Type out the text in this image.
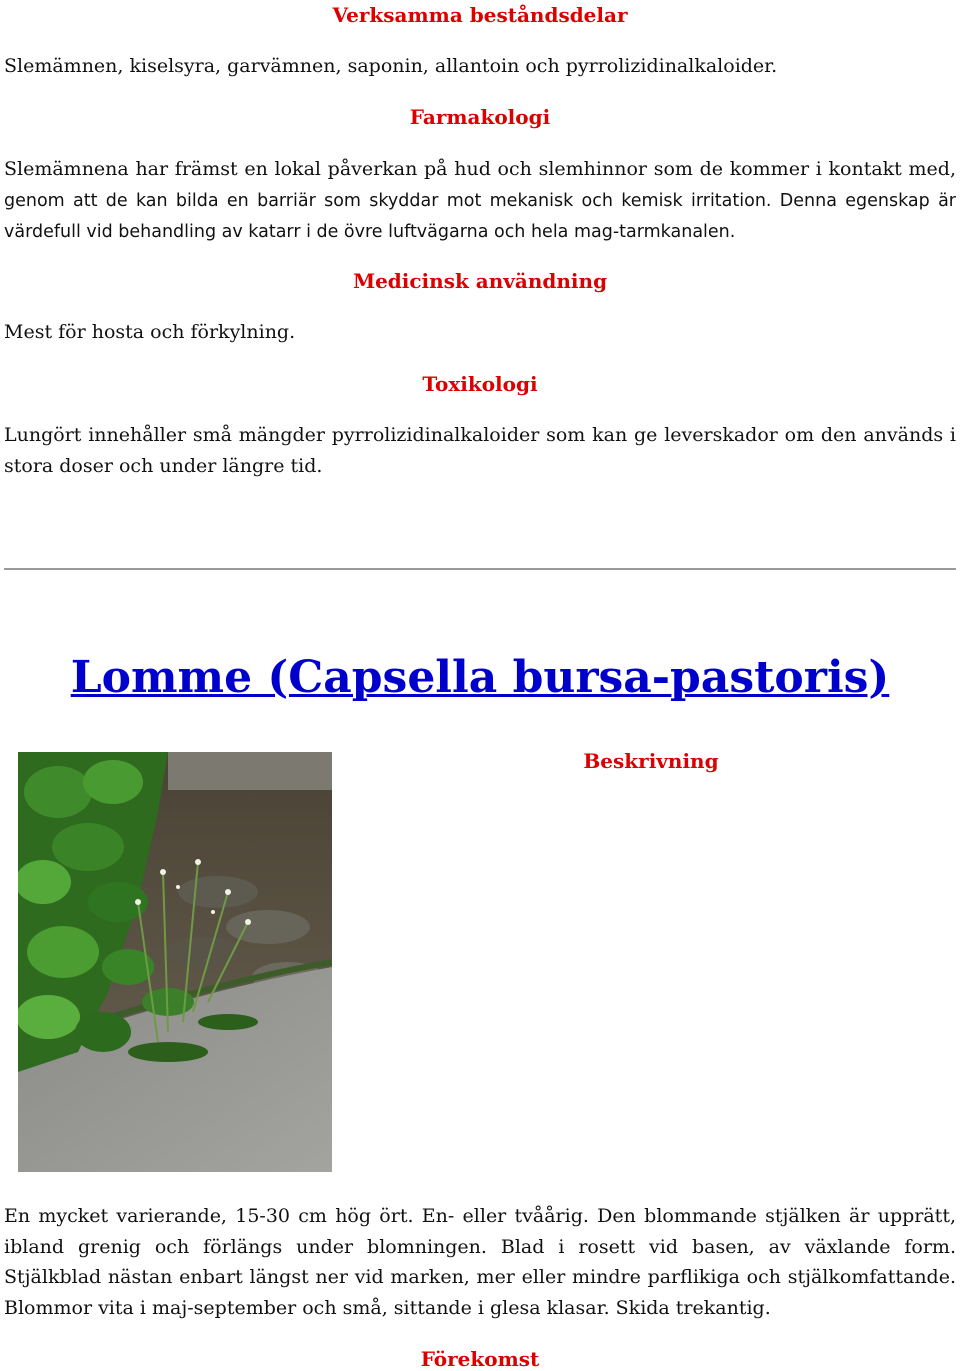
Verksamma beståndsdelar

Slemämnen, kiselsyra, garvämnen, saponin, allantoin och pyrrolizidinalkaloider.

Farmakologi

Slemämnena har främst en lokal påverkan på hud och slemhinnor som de kommer i kontakt med, genom att de kan bilda en barriär som skyddar mot mekanisk och kemisk irritation. Denna egenskap är värdefull vid behandling av katarr i de övre luftvägarna och hela mag-tarmkanalen.

Medicinsk användning

Mest för hosta och förkylning.

Toxikologi

Lungört innehåller små mängder pyrrolizidinalkaloider som kan ge leverskador om den används i stora doser och under längre tid.

Lomme (Capsella bursa-pastoris)
Beskrivning

En mycket varierande, 15-30 cm hög ört. En- eller tvåårig. Den blommande stjälken är upprätt, ibland grenig och förlängs under blomningen. Blad i rosett vid basen, av växlande form. Stjälkblad nästan enbart längst ner vid marken, mer eller mindre parflikiga och stjälkomfattande. Blommor vita i maj-september och små, sittande i glesa klasar. Skida trekantig.

Förekomst
